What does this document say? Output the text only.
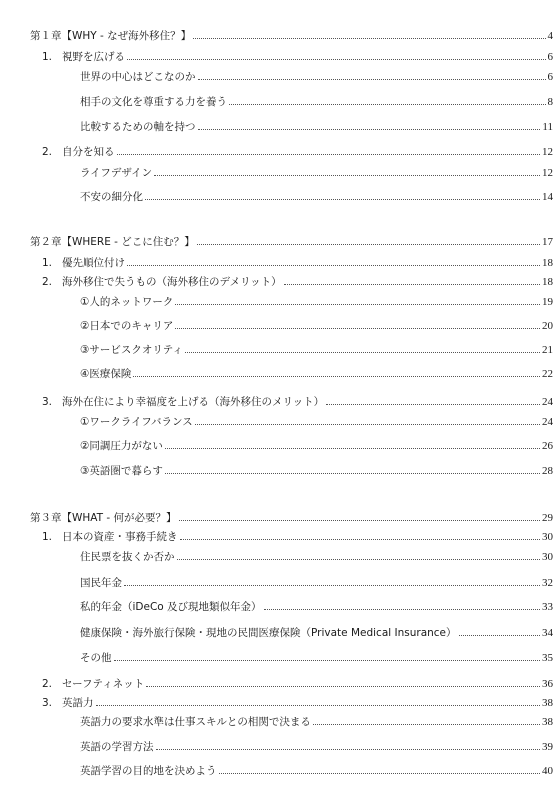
第１章【WHY - なぜ海外移住？】	4
1. 視野を広げる	6
世界の中心はどこなのか	6
相手の文化を尊重する力を養う	8
比較するための軸を持つ	11
2. 自分を知る	12
ライフデザイン	12
不安の細分化	14
第２章【WHERE - どこに住む？】	17
1. 優先順位付け	18
2. 海外移住で失うもの（海外移住のデメリット）	18
①人的ネットワーク	19
②日本でのキャリア	20
③サービスクオリティ	21
④医療保険	22
3. 海外在住により幸福度を上げる（海外移住のメリット）	24
①ワークライフバランス	24
②同調圧力がない	26
③英語圏で暮らす	28
第３章【WHAT - 何が必要？】	29
1. 日本の資産・事務手続き	30
住民票を抜くか否か	30
国民年金	32
私的年金（iDeCo 及び現地類似年金）	33
健康保険・海外旅行保険・現地の民間医療保険（Private Medical Insurance）	34
その他	35
2. セーフティネット	36
3. 英語力	38
英語力の要求水準は仕事スキルとの相関で決まる	38
英語の学習方法	39
英語学習の目的地を決めよう	40
